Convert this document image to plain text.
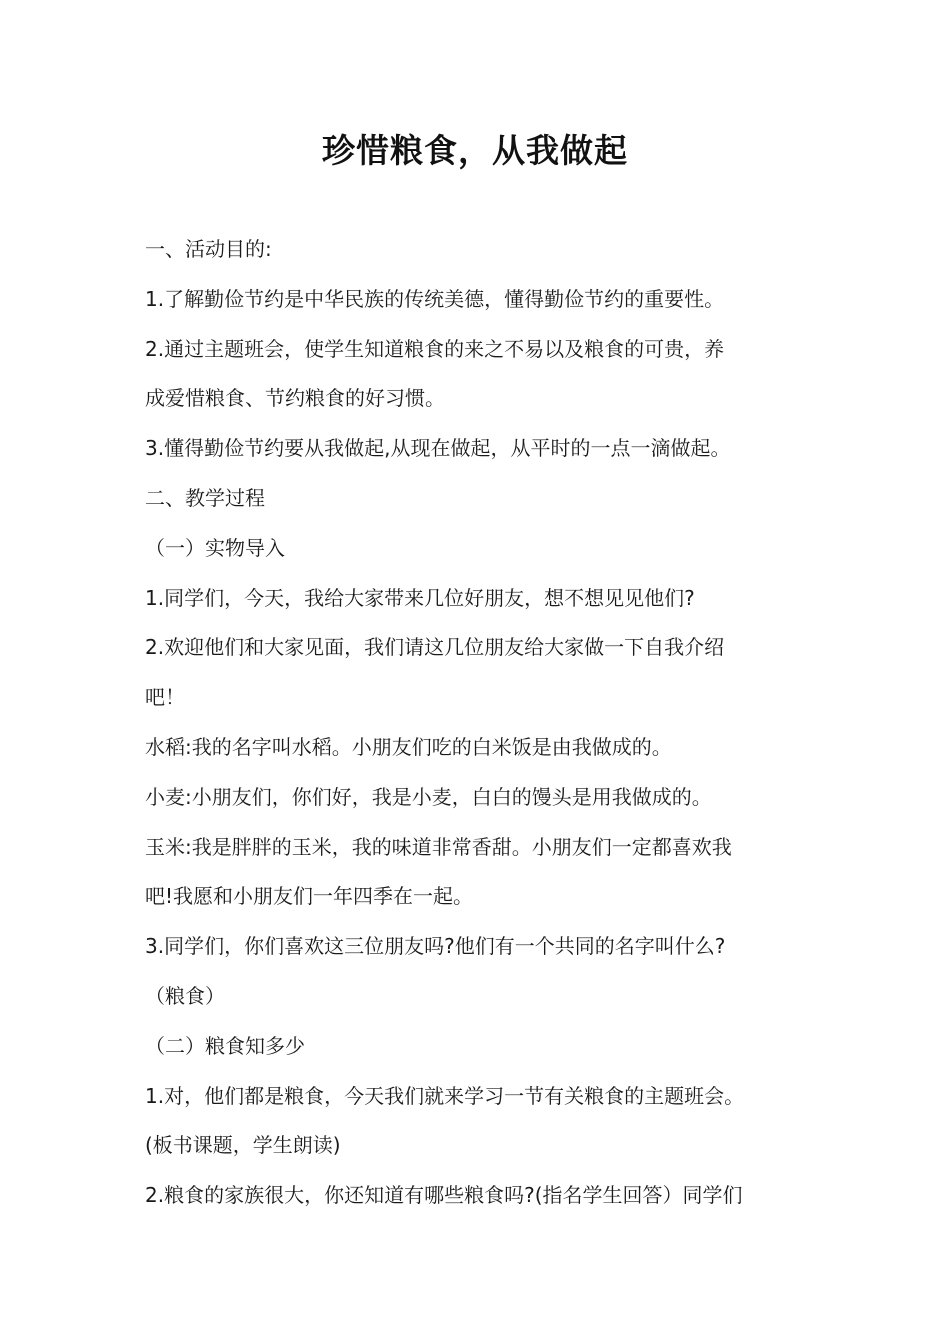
珍惜粮食，从我做起
一、活动目的:
1.了解勤俭节约是中华民族的传统美德，懂得勤俭节约的重要性。
2.通过主题班会，使学生知道粮食的来之不易以及粮食的可贵，养
成爱惜粮食、节约粮食的好习惯。
3.懂得勤俭节约要从我做起,从现在做起，从平时的一点一滴做起。
二、教学过程
（一）实物导入
1.同学们，今天，我给大家带来几位好朋友，想不想见见他们?
2.欢迎他们和大家见面，我们请这几位朋友给大家做一下自我介绍
吧！
水稻:我的名字叫水稻。小朋友们吃的白米饭是由我做成的。
小麦:小朋友们，你们好，我是小麦，白白的馒头是用我做成的。
玉米:我是胖胖的玉米，我的味道非常香甜。小朋友们一定都喜欢我
吧!我愿和小朋友们一年四季在一起。
3.同学们，你们喜欢这三位朋友吗?他们有一个共同的名字叫什么?
（粮食）
（二）粮食知多少
1.对，他们都是粮食，今天我们就来学习一节有关粮食的主题班会。
(板书课题，学生朗读)
2.粮食的家族很大，你还知道有哪些粮食吗?(指名学生回答）同学们
